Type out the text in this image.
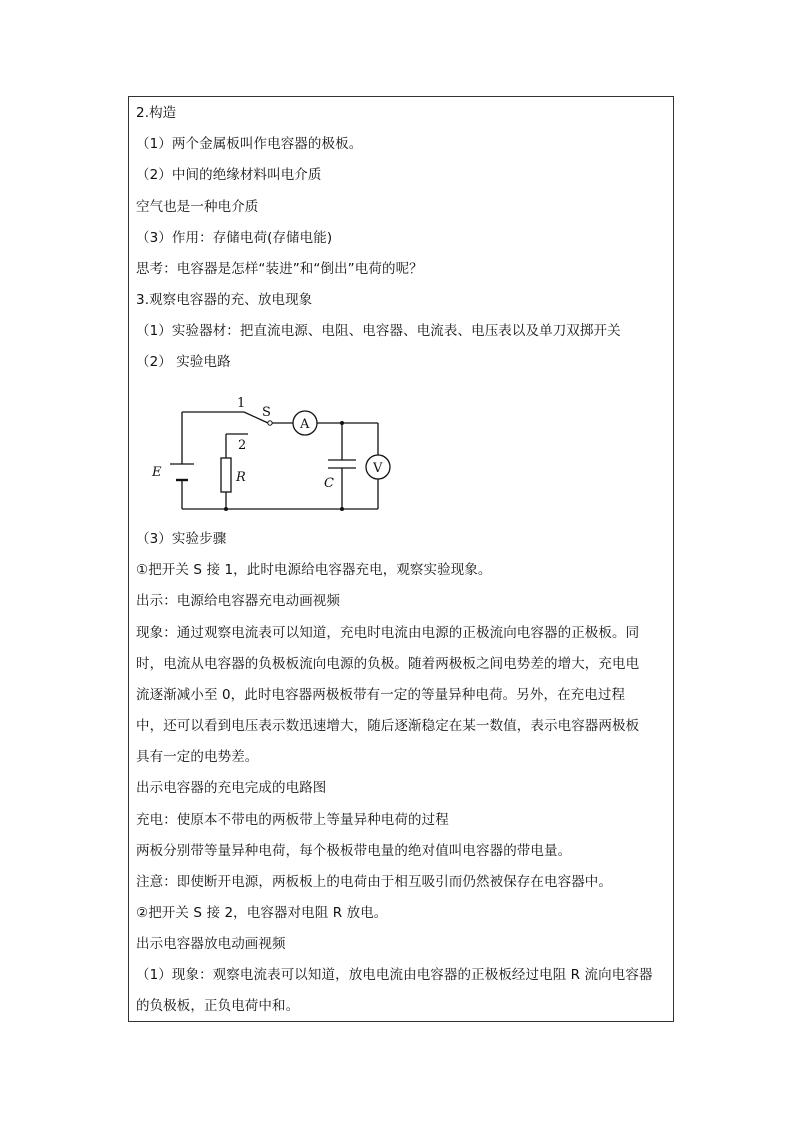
2.构造
（1）两个金属板叫作电容器的极板。
（2）中间的绝缘材料叫电介质
空气也是一种电介质
（3）作用：存储电荷(存储电能)
思考：电容器是怎样“装进”和“倒出”电荷的呢？
3.观察电容器的充、放电现象
（1）实验器材：把直流电源、电阻、电容器、电流表、电压表以及单刀双掷开关
（2） 实验电路
1
2
S
A
V
E	R	C
（3）实验步骤
①把开关 S 接 1，此时电源给电容器充电，观察实验现象。
出示：电源给电容器充电动画视频
现象：通过观察电流表可以知道，充电时电流由电源的正极流向电容器的正极板。同
时，电流从电容器的负极板流向电源的负极。随着两极板之间电势差的增大，充电电
流逐渐减小至 0，此时电容器两极板带有一定的等量异种电荷。另外，在充电过程
中，还可以看到电压表示数迅速增大，随后逐渐稳定在某一数值，表示电容器两极板
具有一定的电势差。
出示电容器的充电完成的电路图
充电：使原本不带电的两板带上等量异种电荷的过程
两板分别带等量异种电荷，每个极板带电量的绝对值叫电容器的带电量。
注意：即使断开电源，两板板上的电荷由于相互吸引而仍然被保存在电容器中。
②把开关 S 接 2，电容器对电阻 R 放电。
出示电容器放电动画视频
（1）现象：观察电流表可以知道，放电电流由电容器的正极板经过电阻 R 流向电容器
的负极板，正负电荷中和。
